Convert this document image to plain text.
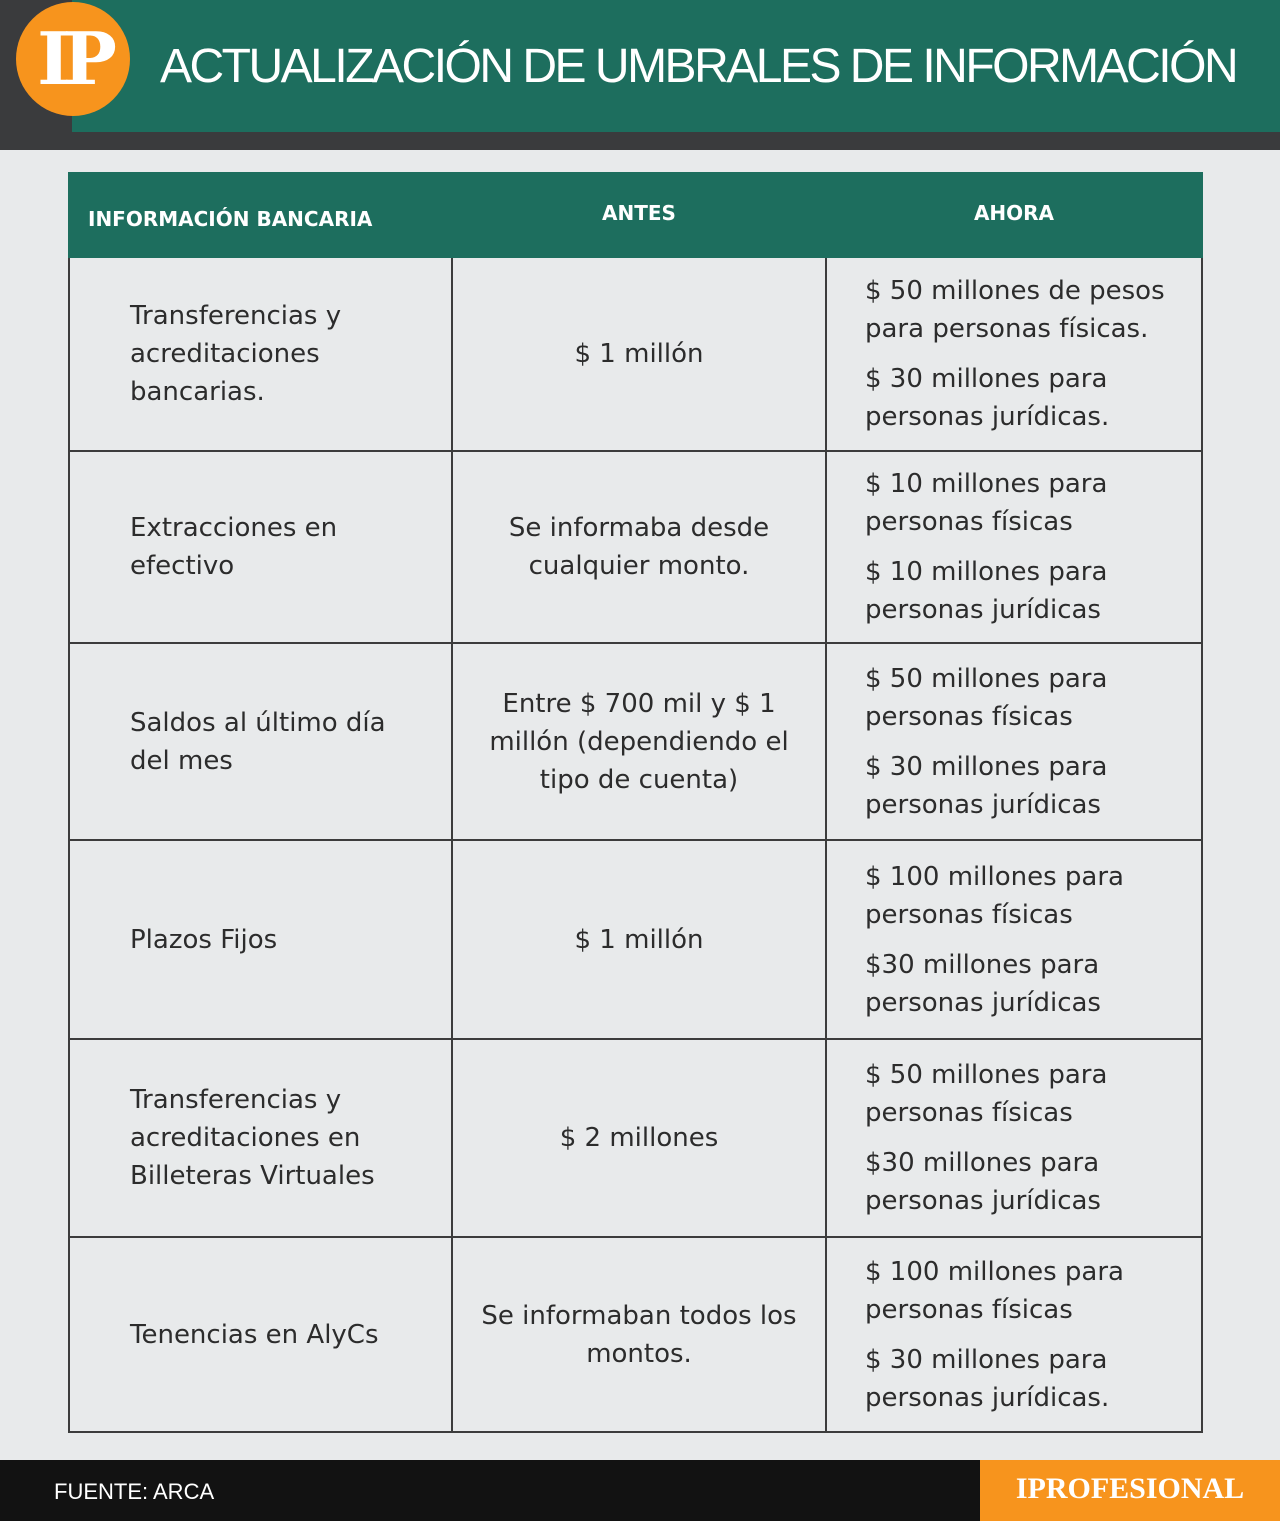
IP	ACTUALIZACIÓN DE UMBRALES DE INFORMACIÓN
INFORMACIÓN BANCARIA	ANTES	AHORA
Transferencias y acreditaciones bancarias.	$ 1 millón	$ 50 millones de pesos para personas físicas.
$ 30 millones para personas jurídicas.

Extracciones en efectivo	Se informaba desde cualquier monto.	$ 10 millones para personas físicas
$ 10 millones para personas jurídicas

Saldos al último día del mes	Entre $ 700 mil y $ 1 millón (dependiendo el tipo de cuenta)	$ 50 millones para personas físicas
$ 30 millones para personas jurídicas

Plazos Fijos	$ 1 millón	$ 100 millones para personas físicas
$30 millones para personas jurídicas

Transferencias y acreditaciones en Billeteras Virtuales	$ 2 millones	$ 50 millones para personas físicas
$30 millones para personas jurídicas

Tenencias en AlyCs	Se informaban todos los montos.	$ 100 millones para personas físicas
$ 30 millones para personas jurídicas.
FUENTE: ARCA	IPROFESIONAL
